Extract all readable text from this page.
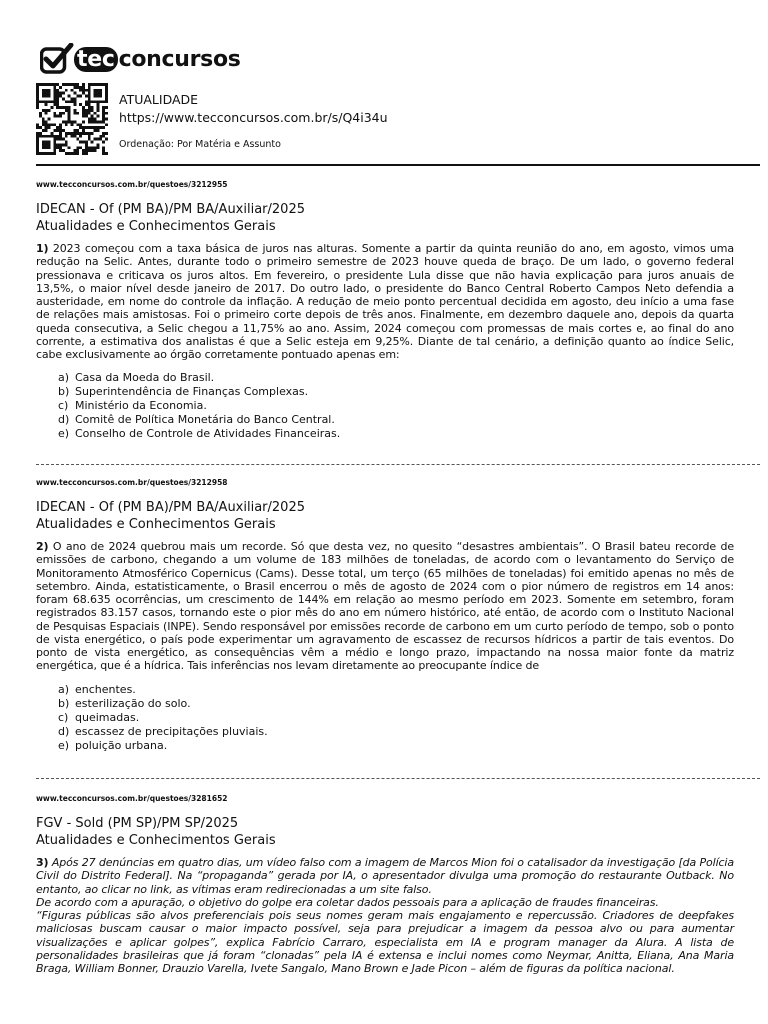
tec concursos
ATUALIDADE
https://www.tecconcursos.com.br/s/Q4i34u
Ordenação: Por Matéria e Assunto
www.tecconcursos.com.br/questoes/3212955
IDECAN - Of (PM BA)/PM BA/Auxiliar/2025
Atualidades e Conhecimentos Gerais

1) 2023 começou com a taxa básica de juros nas alturas. Somente a partir da quinta reunião do ano, em agosto, vimos uma redução na Selic. Antes, durante todo o primeiro semestre de 2023 houve queda de braço. De um lado, o governo federal pressionava e criticava os juros altos. Em fevereiro, o presidente Lula disse que não havia explicação para juros anuais de 13,5%, o maior nível desde janeiro de 2017. Do outro lado, o presidente do Banco Central Roberto Campos Neto defendia a austeridade, em nome do controle da inflação. A redução de meio ponto percentual decidida em agosto, deu início a uma fase de relações mais amistosas. Foi o primeiro corte depois de três anos. Finalmente, em dezembro daquele ano, depois da quarta queda consecutiva, a Selic chegou a 11,75% ao ano. Assim, 2024 começou com promessas de mais cortes e, ao final do ano corrente, a estimativa dos analistas é que a Selic esteja em 9,25%. Diante de tal cenário, a definição quanto ao índice Selic, cabe exclusivamente ao órgão corretamente pontuado apenas em:

a) Casa da Moeda do Brasil.
b) Superintendência de Finanças Complexas.
c) Ministério da Economia.
d) Comitê de Política Monetária do Banco Central.
e) Conselho de Controle de Atividades Financeiras.
www.tecconcursos.com.br/questoes/3212958
IDECAN - Of (PM BA)/PM BA/Auxiliar/2025
Atualidades e Conhecimentos Gerais

2) O ano de 2024 quebrou mais um recorde. Só que desta vez, no quesito “desastres ambientais”. O Brasil bateu recorde de emissões de carbono, chegando a um volume de 183 milhões de toneladas, de acordo com o levantamento do Serviço de Monitoramento Atmosférico Copernicus (Cams). Desse total, um terço (65 milhões de toneladas) foi emitido apenas no mês de setembro. Ainda, estatisticamente, o Brasil encerrou o mês de agosto de 2024 com o pior número de registros em 14 anos: foram 68.635 ocorrências, um crescimento de 144% em relação ao mesmo período em 2023. Somente em setembro, foram registrados 83.157 casos, tornando este o pior mês do ano em número histórico, até então, de acordo com o Instituto Nacional de Pesquisas Espaciais (INPE). Sendo responsável por emissões recorde de carbono em um curto período de tempo, sob o ponto de vista energético, o país pode experimentar um agravamento de escassez de recursos hídricos a partir de tais eventos. Do ponto de vista energético, as consequências vêm a médio e longo prazo, impactando na nossa maior fonte da matriz energética, que é a hídrica. Tais inferências nos levam diretamente ao preocupante índice de

a) enchentes.
b) esterilização do solo.
c) queimadas.
d) escassez de precipitações pluviais.
e) poluição urbana.
www.tecconcursos.com.br/questoes/3281652
FGV - Sold (PM SP)/PM SP/2025
Atualidades e Conhecimentos Gerais

3) Após 27 denúncias em quatro dias, um vídeo falso com a imagem de Marcos Mion foi o catalisador da investigação [da Polícia Civil do Distrito Federal]. Na “propaganda” gerada por IA, o apresentador divulga uma promoção do restaurante Outback. No entanto, ao clicar no link, as vítimas eram redirecionadas a um site falso.

De acordo com a apuração, o objetivo do golpe era coletar dados pessoais para a aplicação de fraudes financeiras.

“Figuras públicas são alvos preferenciais pois seus nomes geram mais engajamento e repercussão. Criadores de deepfakes maliciosas buscam causar o maior impacto possível, seja para prejudicar a imagem da pessoa alvo ou para aumentar visualizações e aplicar golpes”, explica Fabrício Carraro, especialista em IA e program manager da Alura. A lista de personalidades brasileiras que já foram “clonadas” pela IA é extensa e inclui nomes como Neymar, Anitta, Eliana, Ana Maria Braga, William Bonner, Drauzio Varella, Ivete Sangalo, Mano Brown e Jade Picon – além de figuras da política nacional.
